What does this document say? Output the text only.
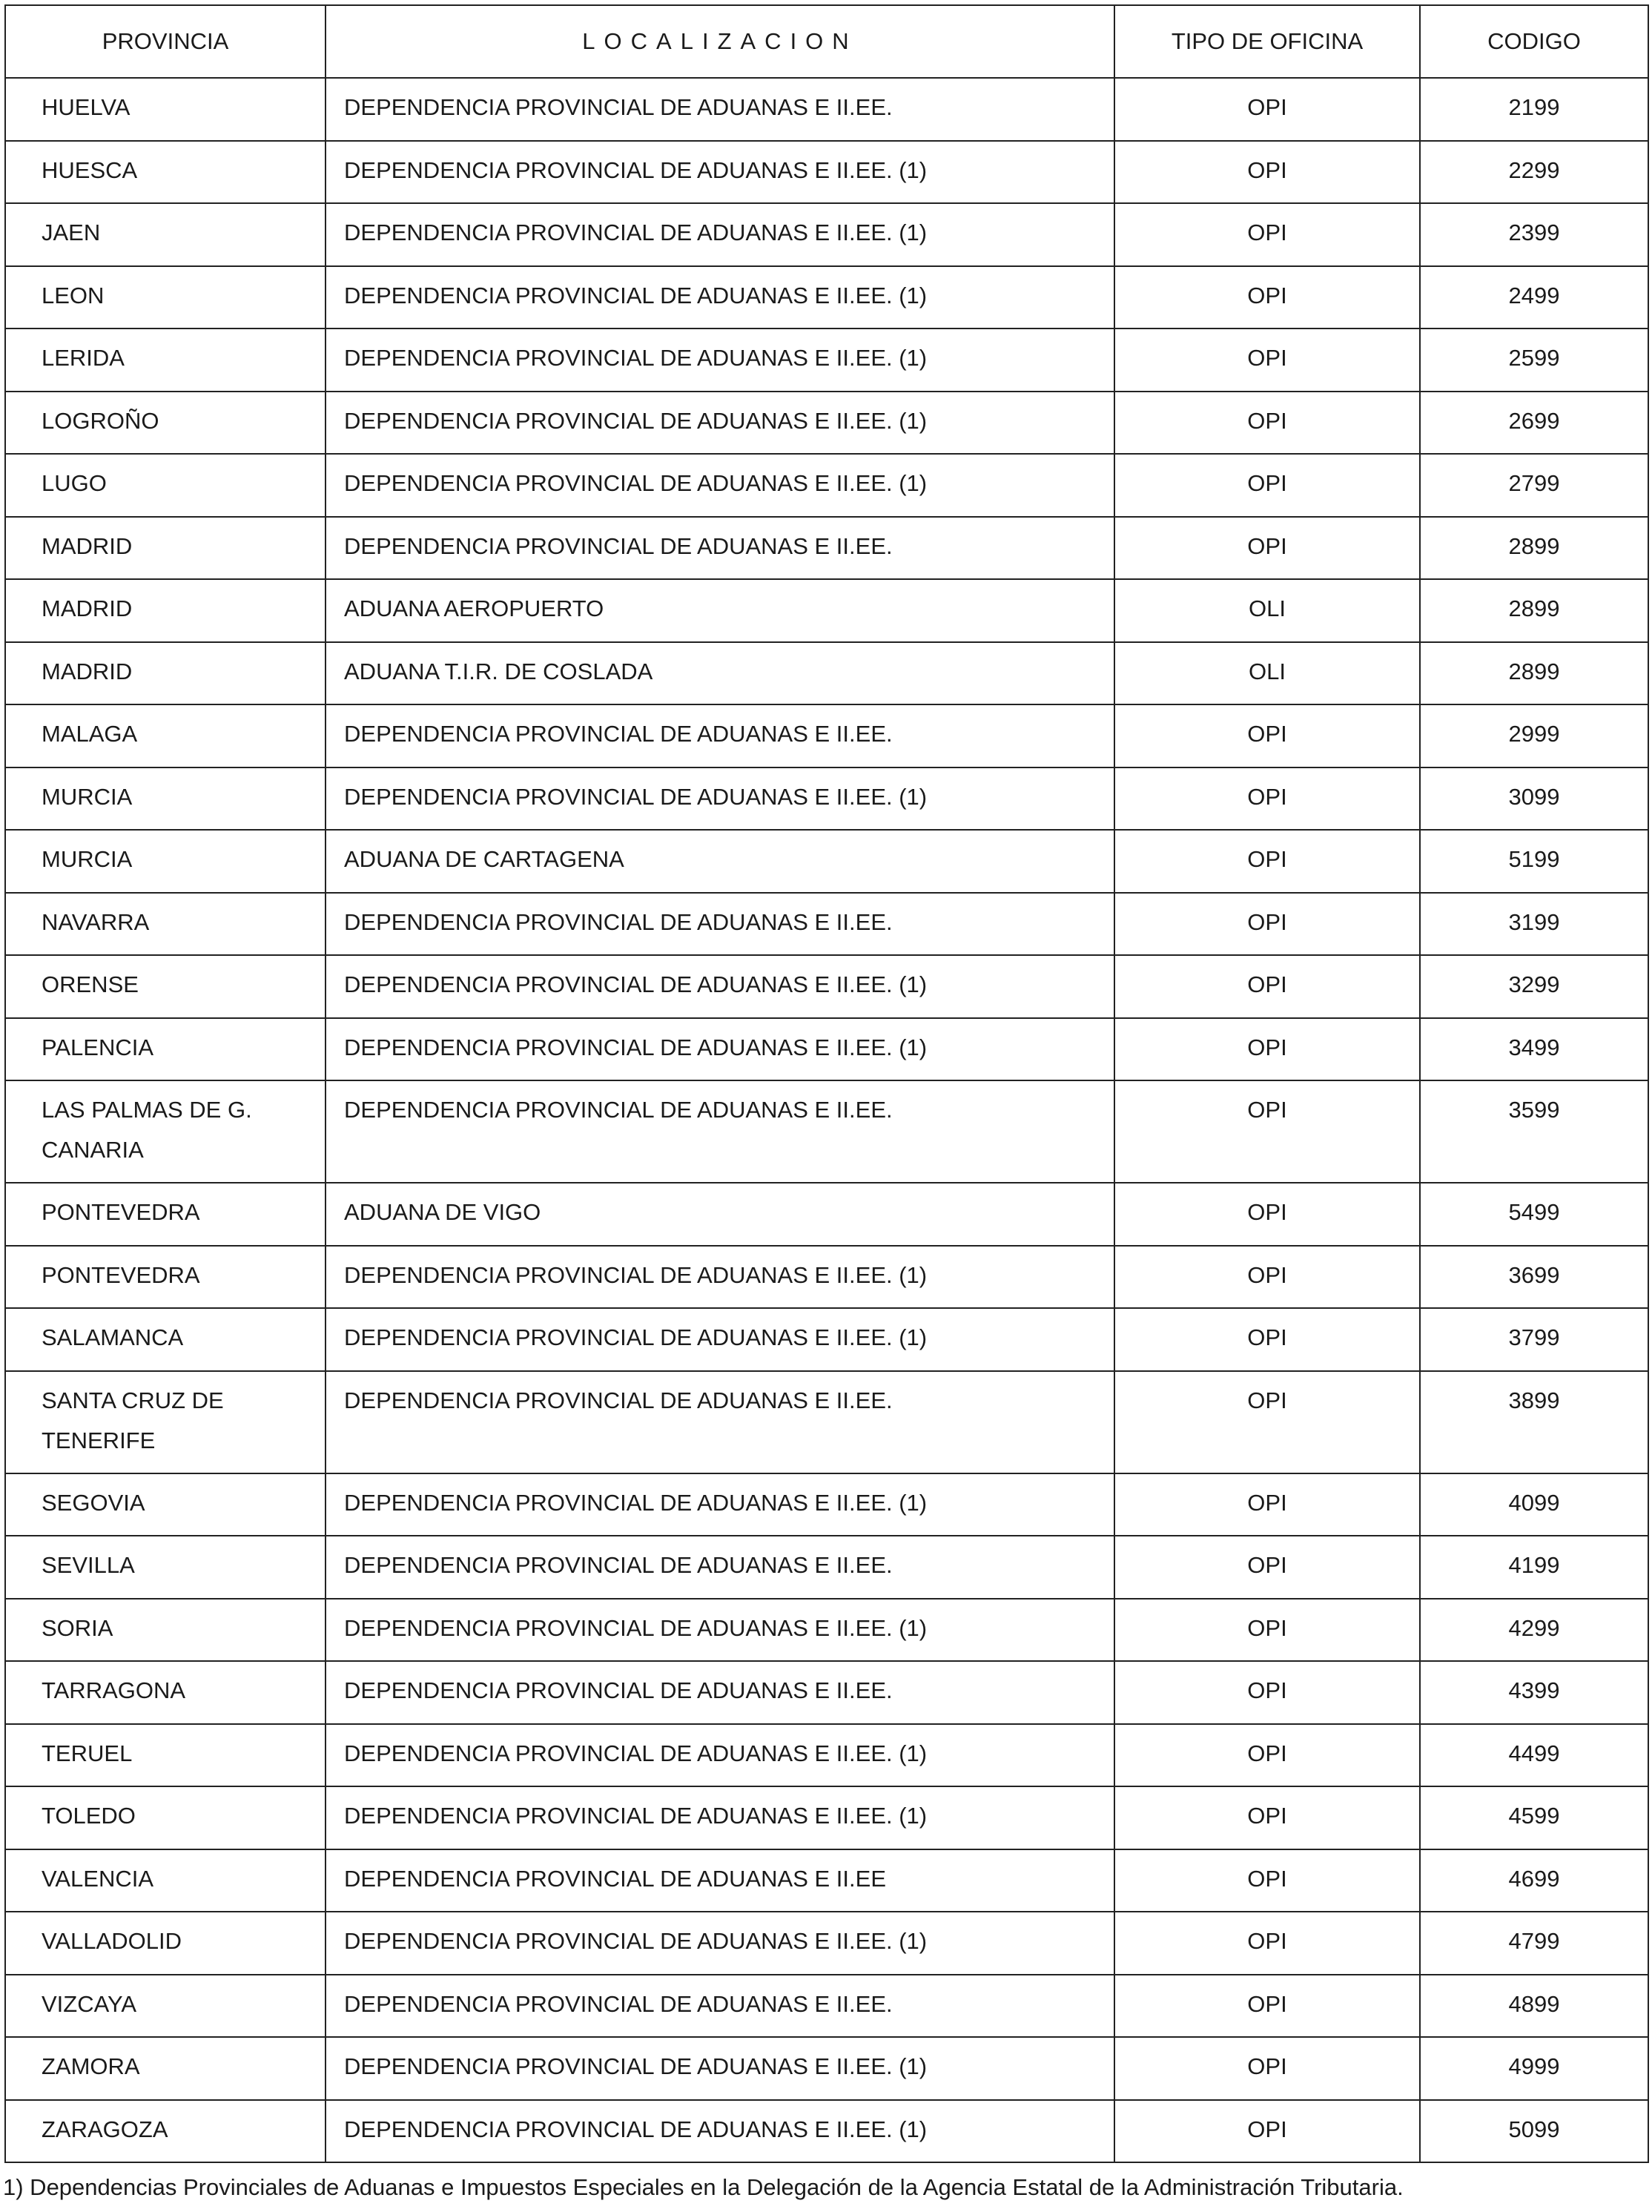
PROVINCIA	LOCALIZACION	TIPO DE OFICINA	CODIGO
HUELVA	DEPENDENCIA PROVINCIAL DE ADUANAS E II.EE.	OPI	2199
HUESCA	DEPENDENCIA PROVINCIAL DE ADUANAS E II.EE. (1)	OPI	2299
JAEN	DEPENDENCIA PROVINCIAL DE ADUANAS E II.EE. (1)	OPI	2399
LEON	DEPENDENCIA PROVINCIAL DE ADUANAS E II.EE. (1)	OPI	2499
LERIDA	DEPENDENCIA PROVINCIAL DE ADUANAS E II.EE. (1)	OPI	2599
LOGROÑO	DEPENDENCIA PROVINCIAL DE ADUANAS E II.EE. (1)	OPI	2699
LUGO	DEPENDENCIA PROVINCIAL DE ADUANAS E II.EE. (1)	OPI	2799
MADRID	DEPENDENCIA PROVINCIAL DE ADUANAS E II.EE.	OPI	2899
MADRID	ADUANA AEROPUERTO	OLI	2899
MADRID	ADUANA T.I.R. DE COSLADA	OLI	2899
MALAGA	DEPENDENCIA PROVINCIAL DE ADUANAS E II.EE.	OPI	2999
MURCIA	DEPENDENCIA PROVINCIAL DE ADUANAS E II.EE. (1)	OPI	3099
MURCIA	ADUANA DE CARTAGENA	OPI	5199
NAVARRA	DEPENDENCIA PROVINCIAL DE ADUANAS E II.EE.	OPI	3199
ORENSE	DEPENDENCIA PROVINCIAL DE ADUANAS E II.EE. (1)	OPI	3299
PALENCIA	DEPENDENCIA PROVINCIAL DE ADUANAS E II.EE. (1)	OPI	3499
LAS PALMAS DE G. CANARIA	DEPENDENCIA PROVINCIAL DE ADUANAS E II.EE.	OPI	3599
PONTEVEDRA	ADUANA DE VIGO	OPI	5499
PONTEVEDRA	DEPENDENCIA PROVINCIAL DE ADUANAS E II.EE. (1)	OPI	3699
SALAMANCA	DEPENDENCIA PROVINCIAL DE ADUANAS E II.EE. (1)	OPI	3799
SANTA CRUZ DE TENERIFE	DEPENDENCIA PROVINCIAL DE ADUANAS E II.EE.	OPI	3899
SEGOVIA	DEPENDENCIA PROVINCIAL DE ADUANAS E II.EE. (1)	OPI	4099
SEVILLA	DEPENDENCIA PROVINCIAL DE ADUANAS E II.EE.	OPI	4199
SORIA	DEPENDENCIA PROVINCIAL DE ADUANAS E II.EE. (1)	OPI	4299
TARRAGONA	DEPENDENCIA PROVINCIAL DE ADUANAS E II.EE.	OPI	4399
TERUEL	DEPENDENCIA PROVINCIAL DE ADUANAS E II.EE. (1)	OPI	4499
TOLEDO	DEPENDENCIA PROVINCIAL DE ADUANAS E II.EE. (1)	OPI	4599
VALENCIA	DEPENDENCIA PROVINCIAL DE ADUANAS E II.EE	OPI	4699
VALLADOLID	DEPENDENCIA PROVINCIAL DE ADUANAS E II.EE. (1)	OPI	4799
VIZCAYA	DEPENDENCIA PROVINCIAL DE ADUANAS E II.EE.	OPI	4899
ZAMORA	DEPENDENCIA PROVINCIAL DE ADUANAS E II.EE. (1)	OPI	4999
ZARAGOZA	DEPENDENCIA PROVINCIAL DE ADUANAS E II.EE. (1)	OPI	5099
1) Dependencias Provinciales de Aduanas e Impuestos Especiales en la Delegación de la Agencia Estatal de la Administración Tributaria.
